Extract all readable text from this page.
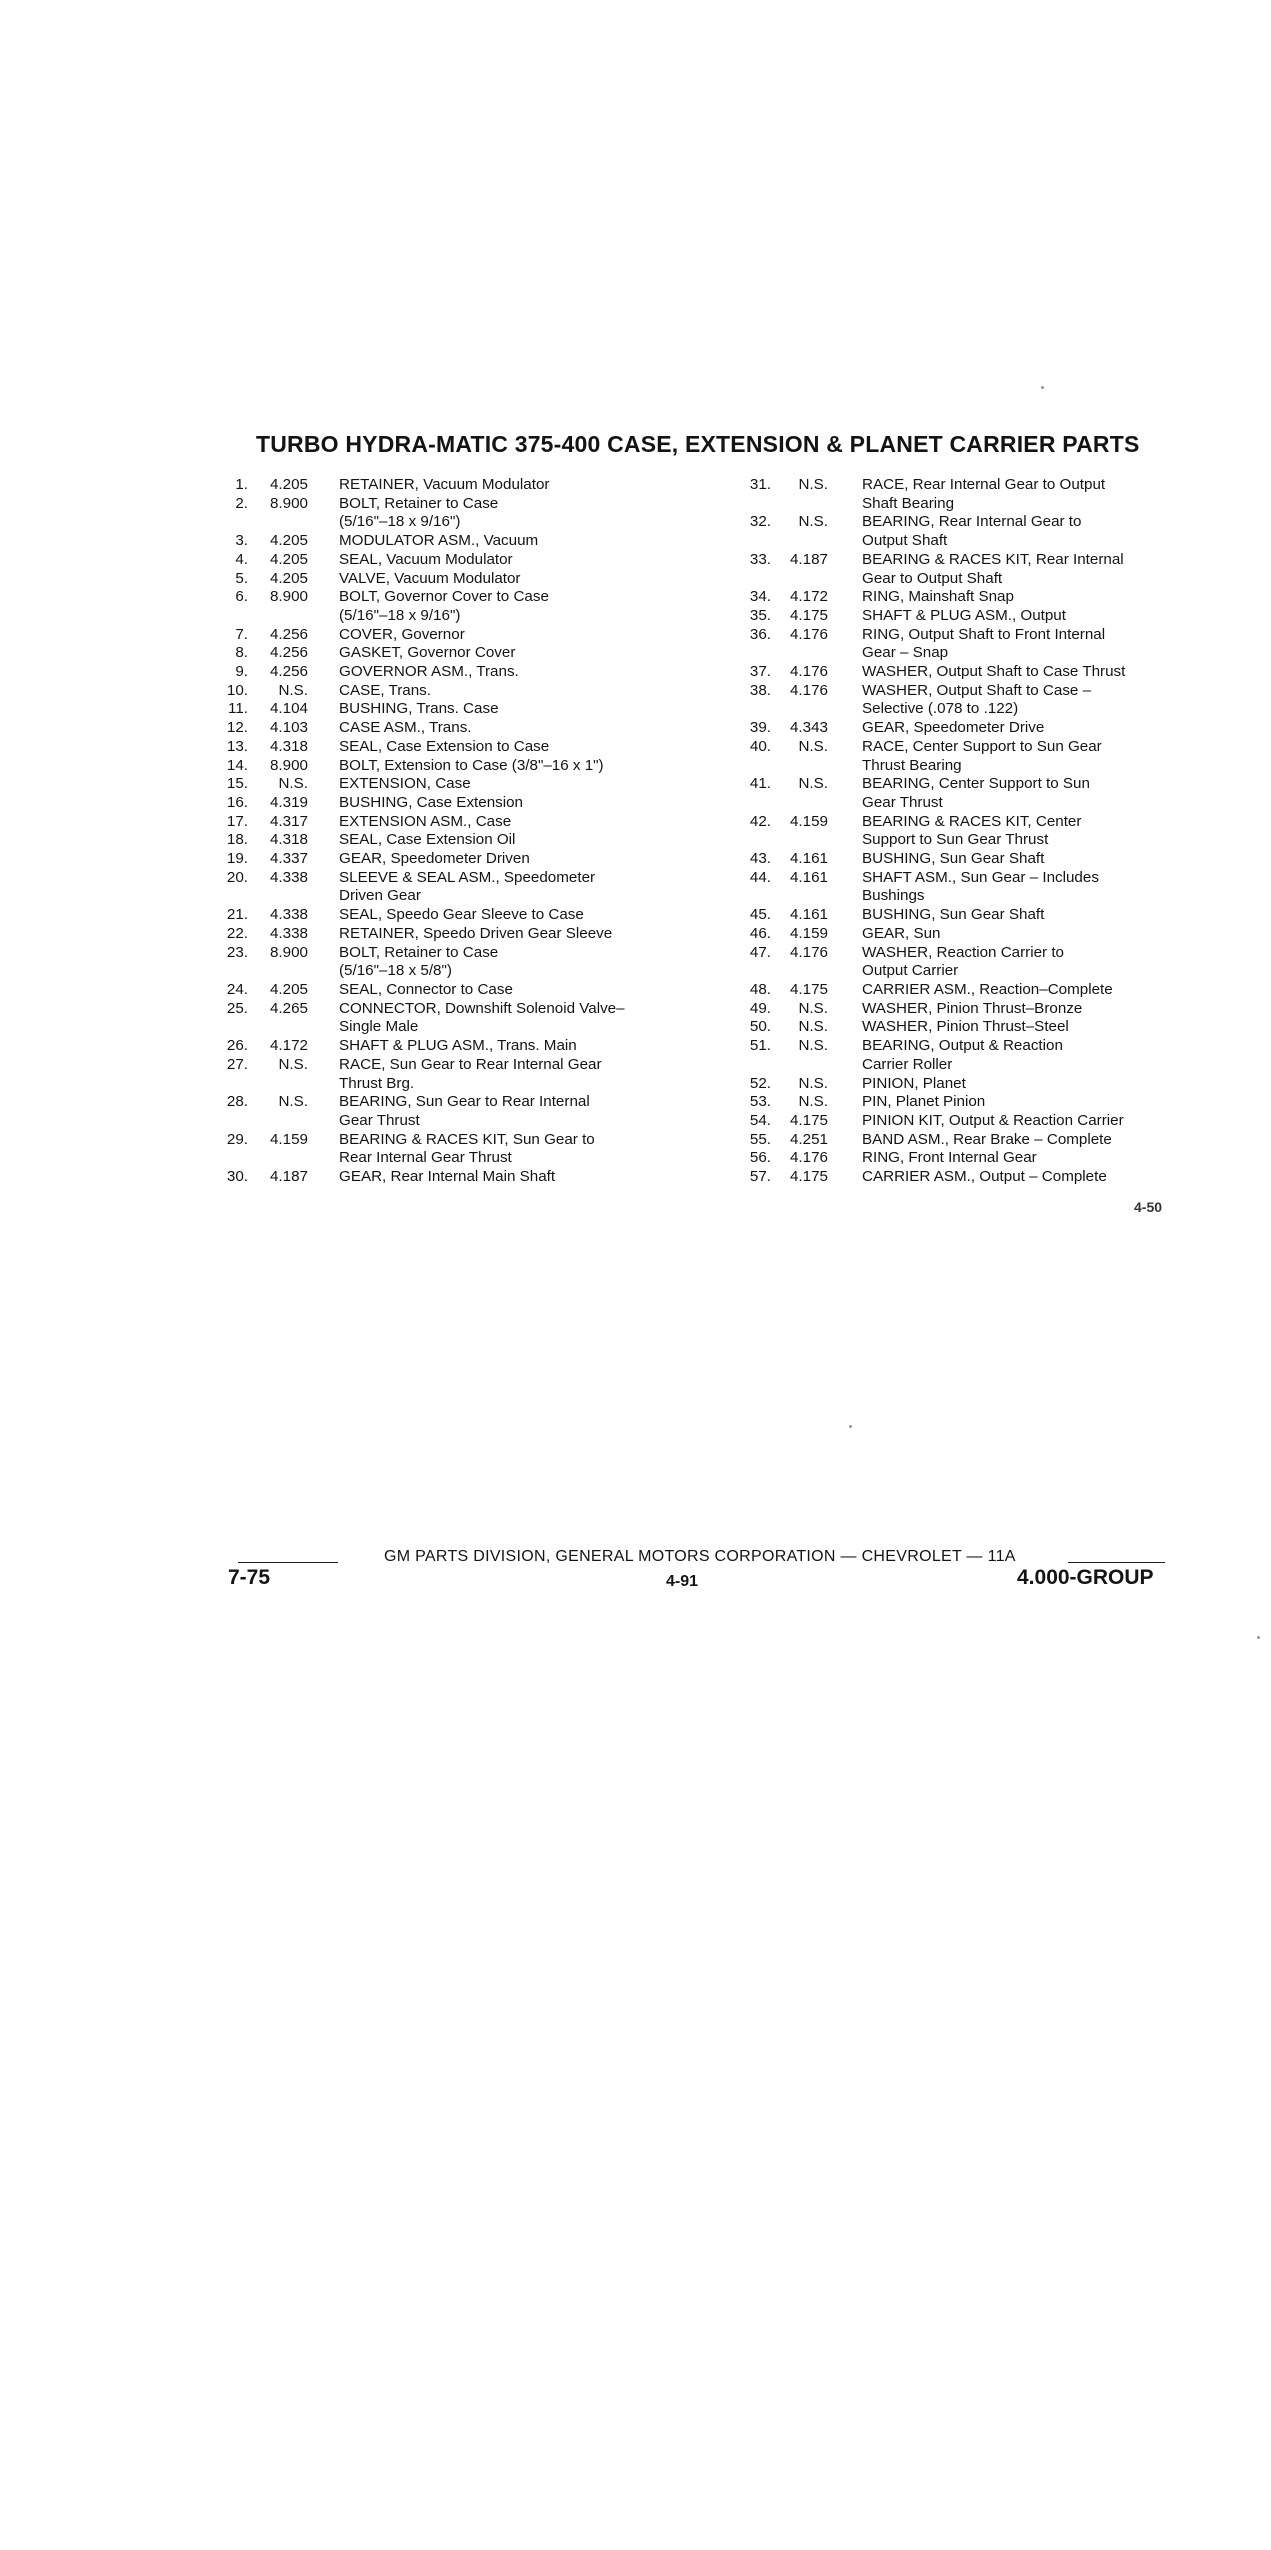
TURBO HYDRA-MATIC 375-400 CASE, EXTENSION & PLANET CARRIER PARTS
1.	4.205 RETAINER, Vacuum Modulator
2.	8.900 BOLT, Retainer to Case
(5/16"–18 x 9/16")
3.	4.205 MODULATOR ASM., Vacuum
4.	4.205 SEAL, Vacuum Modulator
5.	4.205 VALVE, Vacuum Modulator
6.	8.900 BOLT, Governor Cover to Case
(5/16"–18 x 9/16")
7.	4.256 COVER, Governor
8.	4.256 GASKET, Governor Cover
9.	4.256 GOVERNOR ASM., Trans.
10.	N.S. CASE, Trans.
11.	4.104 BUSHING, Trans. Case
12.	4.103 CASE ASM., Trans.
13.	4.318 SEAL, Case Extension to Case
14.	8.900 BOLT, Extension to Case (3/8"–16 x 1")
15.	N.S. EXTENSION, Case
16.	4.319 BUSHING, Case Extension
17.	4.317 EXTENSION ASM., Case
18.	4.318 SEAL, Case Extension Oil
19.	4.337 GEAR, Speedometer Driven
20.	4.338 SLEEVE & SEAL ASM., Speedometer
Driven Gear
21.	4.338 SEAL, Speedo Gear Sleeve to Case
22.	4.338 RETAINER, Speedo Driven Gear Sleeve
23.	8.900 BOLT, Retainer to Case
(5/16"–18 x 5/8")
24.	4.205 SEAL, Connector to Case
25.	4.265 CONNECTOR, Downshift Solenoid Valve–
Single Male
26.	4.172 SHAFT & PLUG ASM., Trans. Main
27.	N.S. RACE, Sun Gear to Rear Internal Gear
Thrust Brg.
28.	N.S. BEARING, Sun Gear to Rear Internal
Gear Thrust
29.	4.159 BEARING & RACES KIT, Sun Gear to
Rear Internal Gear Thrust
30.	4.187 GEAR, Rear Internal Main Shaft
31.	N.S. RACE, Rear Internal Gear to Output
Shaft Bearing
32.	N.S. BEARING, Rear Internal Gear to
Output Shaft
33.	4.187 BEARING & RACES KIT, Rear Internal
Gear to Output Shaft
34.	4.172 RING, Mainshaft Snap
35.	4.175 SHAFT & PLUG ASM., Output
36.	4.176 RING, Output Shaft to Front Internal
Gear – Snap
37.	4.176 WASHER, Output Shaft to Case Thrust
38.	4.176 WASHER, Output Shaft to Case –
Selective (.078 to .122)
39.	4.343 GEAR, Speedometer Drive
40.	N.S. RACE, Center Support to Sun Gear
Thrust Bearing
41.	N.S. BEARING, Center Support to Sun
Gear Thrust
42.	4.159 BEARING & RACES KIT, Center
Support to Sun Gear Thrust
43.	4.161 BUSHING, Sun Gear Shaft
44.	4.161 SHAFT ASM., Sun Gear – Includes
Bushings
45.	4.161 BUSHING, Sun Gear Shaft
46.	4.159 GEAR, Sun
47.	4.176 WASHER, Reaction Carrier to
Output Carrier
48.	4.175 CARRIER ASM., Reaction–Complete
49.	N.S. WASHER, Pinion Thrust–Bronze
50.	N.S. WASHER, Pinion Thrust–Steel
51.	N.S. BEARING, Output & Reaction
Carrier Roller
52.	N.S. PINION, Planet
53.	N.S. PIN, Planet Pinion
54.	4.175 PINION KIT, Output & Reaction Carrier
55.	4.251 BAND ASM., Rear Brake – Complete
56.	4.176 RING, Front Internal Gear
57.	4.175 CARRIER ASM., Output – Complete
4-50
GM PARTS DIVISION, GENERAL MOTORS CORPORATION — CHEVROLET — 11A
7-75	4-91	4.000-GROUP
